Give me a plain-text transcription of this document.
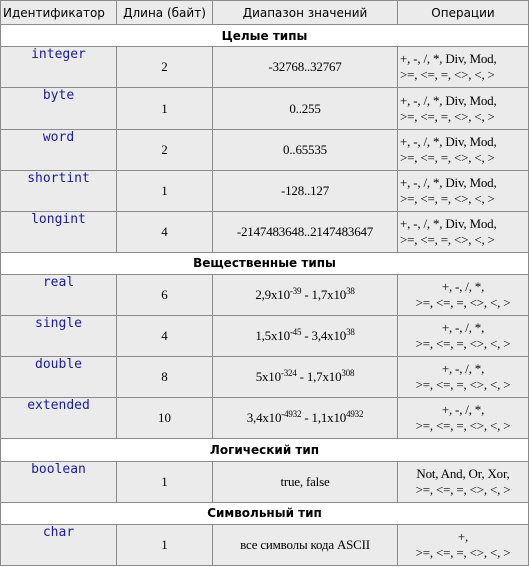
Идентификатор	Длина (байт)	Диапазон значений	Операции
Целые типы			
integer	2	-32768..32767	+, -, /, *, Div, Mod,
>=, <=, =, <>, <, >

byte	1	0..255	+, -, /, *, Div, Mod,
>=, <=, =, <>, <, >

word	2	0..65535	+, -, /, *, Div, Mod,
>=, <=, =, <>, <, >

shortint	1	-128..127	+, -, /, *, Div, Mod,
>=, <=, =, <>, <, >

longint	4	-2147483648..2147483647	+, -, /, *, Div, Mod,
>=, <=, =, <>, <, >

Вещественные типы			
real	6	$2,9x10^{-39} - 1,7x10^{38}$	+, -, /, *,
>=, <=, =, <>, <, >

single	4	$1,5x10^{-45} - 3,4x10^{38}$	+, -, /, *,
>=, <=, =, <>, <, >

double	8	$5x10^{-324} - 1,7x10^{308}$	+, -, /, *,
>=, <=, =, <>, <, >

extended	10	$3,4x10^{-4932} - 1,1x10^{4932}$	+, -, /, *,
>=, <=, =, <>, <, >

Логический тип			
boolean	1	true, false	Not, And, Or, Xor,
>=, <=, =, <>, <, >

Символьный тип			
char	1	все символы кода ASCII	+,
>=, <=, =, <>, <, >
